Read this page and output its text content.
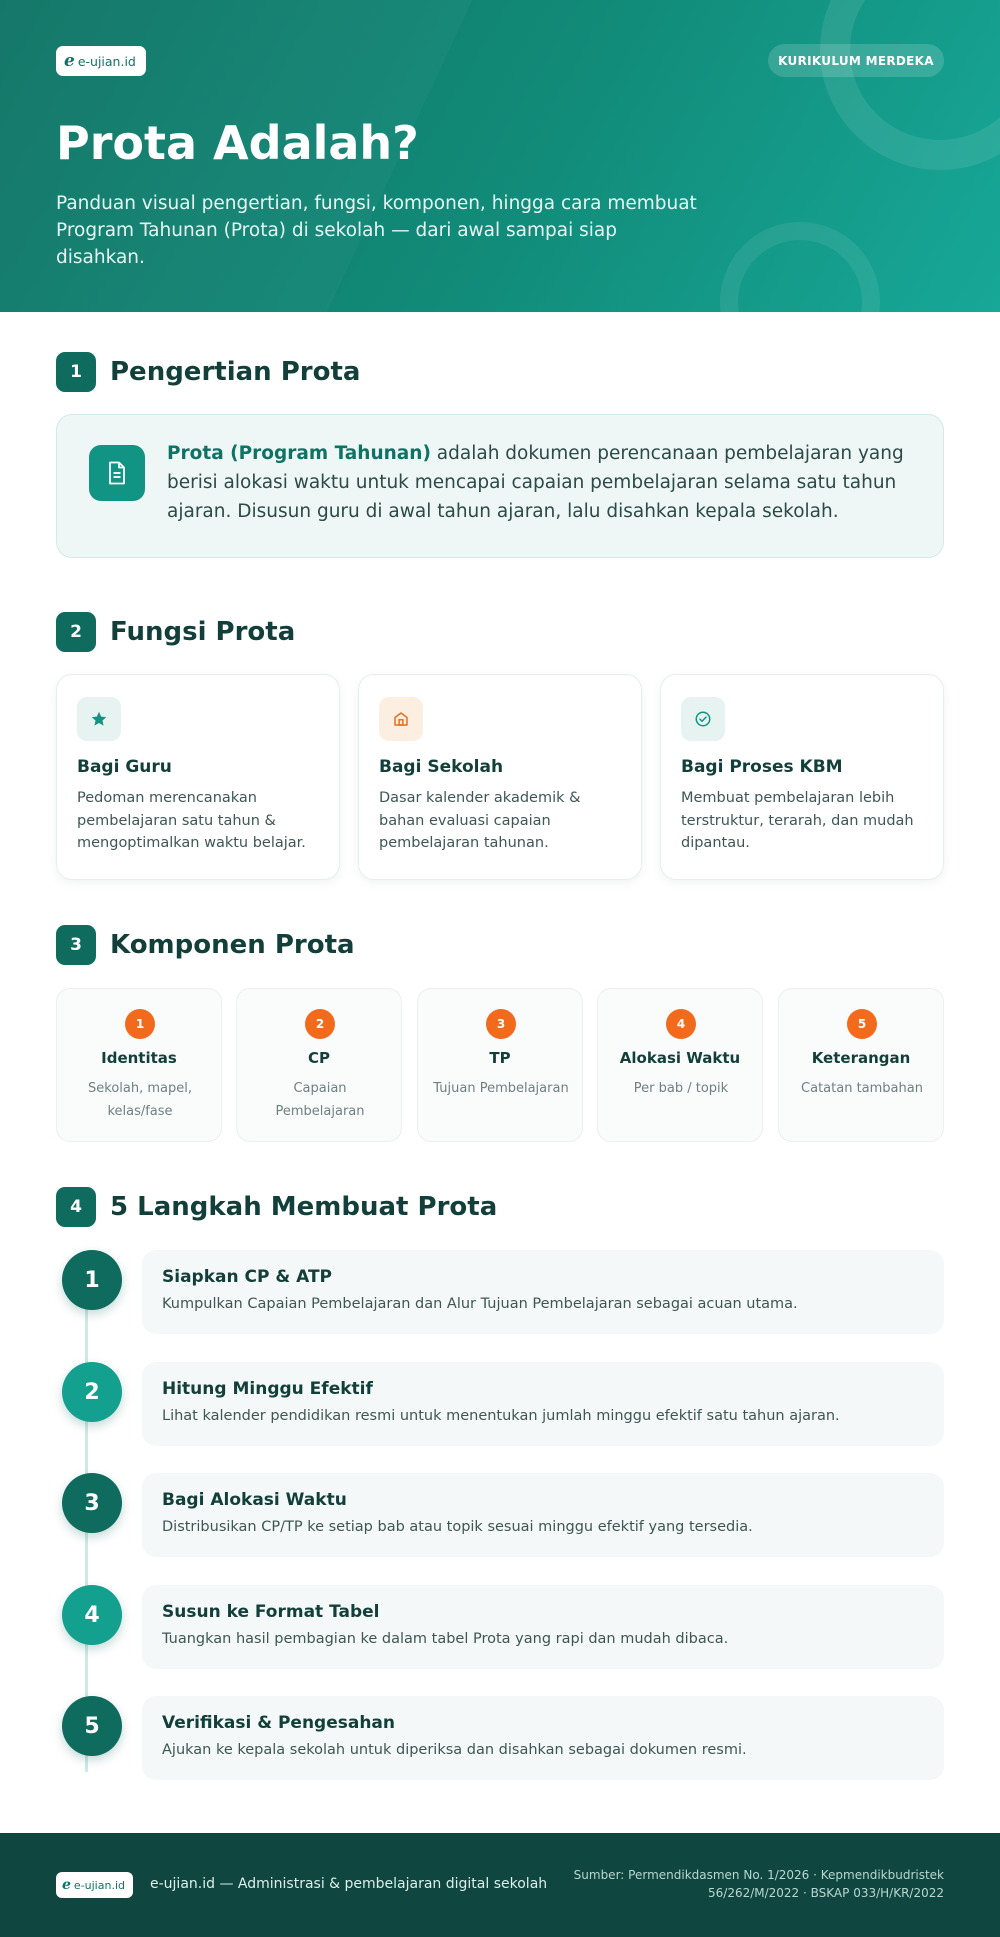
e e-ujian.id	KURIKULUM MERDEKA
Prota Adalah?

Panduan visual pengertian, fungsi, komponen, hingga cara membuat Program Tahunan (Prota) di sekolah — dari awal sampai siap disahkan.

1	Pengertian Prota

Prota (Program Tahunan) adalah dokumen perencanaan pembelajaran yang berisi alokasi waktu untuk mencapai capaian pembelajaran selama satu tahun ajaran. Disusun guru di awal tahun ajaran, lalu disahkan kepala sekolah.

2	Fungsi Prota
Bagi Guru
Pedoman merencanakan pembelajaran satu tahun & mengoptimalkan waktu belajar.
Bagi Sekolah
Dasar kalender akademik & bahan evaluasi capaian pembelajaran tahunan.
Bagi Proses KBM
Membuat pembelajaran lebih terstruktur, terarah, dan mudah dipantau.
3	Komponen Prota
1
Identitas
Sekolah, mapel, kelas/fase
2
CP
Capaian Pembelajaran
3
TP
Tujuan Pembelajaran
4
Alokasi Waktu
Per bab / topik
5
Keterangan
Catatan tambahan
4	5 Langkah Membuat Prota
1	Siapkan CP & ATP
Kumpulkan Capaian Pembelajaran dan Alur Tujuan Pembelajaran sebagai acuan utama.
2	Hitung Minggu Efektif
Lihat kalender pendidikan resmi untuk menentukan jumlah minggu efektif satu tahun ajaran.
3	Bagi Alokasi Waktu
Distribusikan CP/TP ke setiap bab atau topik sesuai minggu efektif yang tersedia.
4	Susun ke Format Tabel
Tuangkan hasil pembagian ke dalam tabel Prota yang rapi dan mudah dibaca.
5	Verifikasi & Pengesahan
Ajukan ke kepala sekolah untuk diperiksa dan disahkan sebagai dokumen resmi.
e e-ujian.id e-ujian.id — Administrasi & pembelajaran digital sekolah
Sumber: Permendikdasmen No. 1/2026 · Kepmendikbudristek
56/262/M/2022 · BSKAP 033/H/KR/2022
